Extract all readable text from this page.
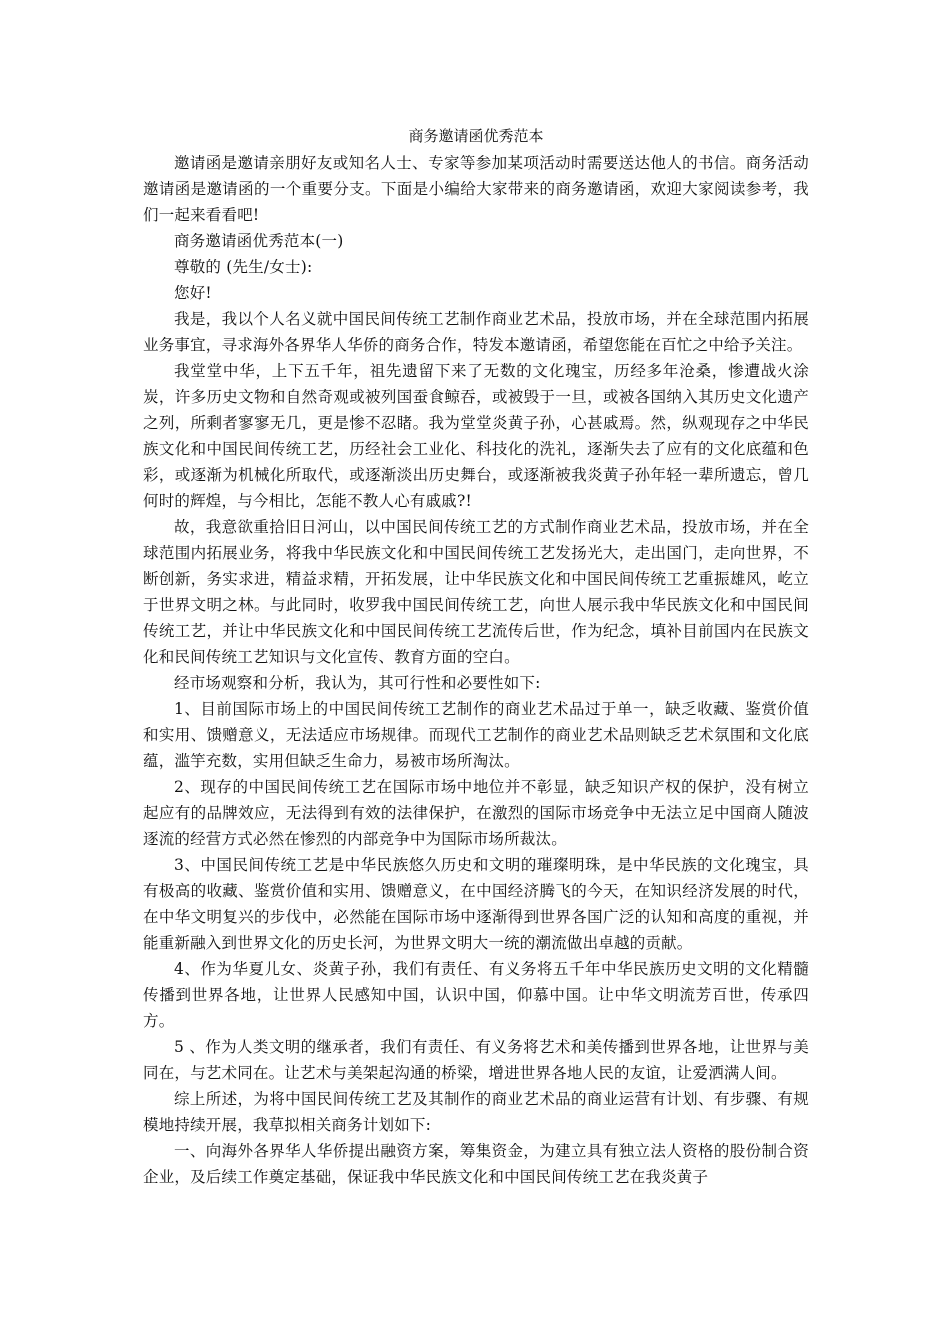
商务邀请函优秀范本

邀请函是邀请亲朋好友或知名人士、专家等参加某项活动时需要送达他人的书信。商务活动邀请函是邀请函的一个重要分支。下面是小编给大家带来的商务邀请函，欢迎大家阅读参考，我们一起来看看吧!

商务邀请函优秀范本(一)

尊敬的 (先生/女士):

您好!

我是，我以个人名义就中国民间传统工艺制作商业艺术品，投放市场，并在全球范围内拓展业务事宜，寻求海外各界华人华侨的商务合作，特发本邀请函，希望您能在百忙之中给予关注。

我堂堂中华，上下五千年，祖先遗留下来了无数的文化瑰宝，历经多年沧桑，惨遭战火涂炭，许多历史文物和自然奇观或被列国蚕食鲸吞，或被毁于一旦，或被各国纳入其历史文化遗产之列，所剩者寥寥无几，更是惨不忍睹。我为堂堂炎黄子孙，心甚戚焉。然，纵观现存之中华民族文化和中国民间传统工艺，历经社会工业化、科技化的洗礼，逐渐失去了应有的文化底蕴和色彩，或逐渐为机械化所取代，或逐渐淡出历史舞台，或逐渐被我炎黄子孙年轻一辈所遗忘，曾几何时的辉煌，与今相比，怎能不教人心有戚戚?!

故，我意欲重拾旧日河山，以中国民间传统工艺的方式制作商业艺术品，投放市场，并在全球范围内拓展业务，将我中华民族文化和中国民间传统工艺发扬光大，走出国门，走向世界，不断创新，务实求进，精益求精，开拓发展，让中华民族文化和中国民间传统工艺重振雄风，屹立于世界文明之林。与此同时，收罗我中国民间传统工艺，向世人展示我中华民族文化和中国民间传统工艺，并让中华民族文化和中国民间传统工艺流传后世，作为纪念，填补目前国内在民族文化和民间传统工艺知识与文化宣传、教育方面的空白。

经市场观察和分析，我认为，其可行性和必要性如下:

1、目前国际市场上的中国民间传统工艺制作的商业艺术品过于单一，缺乏收藏、鉴赏价值和实用、馈赠意义，无法适应市场规律。而现代工艺制作的商业艺术品则缺乏艺术氛围和文化底蕴，滥竽充数，实用但缺乏生命力，易被市场所淘汰。

2、现存的中国民间传统工艺在国际市场中地位并不彰显，缺乏知识产权的保护，没有树立起应有的品牌效应，无法得到有效的法律保护，在激烈的国际市场竞争中无法立足中国商人随波逐流的经营方式必然在惨烈的内部竞争中为国际市场所裁汰。

3、中国民间传统工艺是中华民族悠久历史和文明的璀璨明珠，是中华民族的文化瑰宝，具有极高的收藏、鉴赏价值和实用、馈赠意义，在中国经济腾飞的今天，在知识经济发展的时代，在中华文明复兴的步伐中，必然能在国际市场中逐渐得到世界各国广泛的认知和高度的重视，并能重新融入到世界文化的历史长河，为世界文明大一统的潮流做出卓越的贡献。

4、作为华夏儿女、炎黄子孙，我们有责任、有义务将五千年中华民族历史文明的文化精髓传播到世界各地，让世界人民感知中国，认识中国，仰慕中国。让中华文明流芳百世，传承四方。

5 、作为人类文明的继承者，我们有责任、有义务将艺术和美传播到世界各地，让世界与美同在，与艺术同在。让艺术与美架起沟通的桥梁，增进世界各地人民的友谊，让爱洒满人间。

综上所述，为将中国民间传统工艺及其制作的商业艺术品的商业运营有计划、有步骤、有规模地持续开展，我草拟相关商务计划如下:

一、向海外各界华人华侨提出融资方案，筹集资金，为建立具有独立法人资格的股份制合资企业，及后续工作奠定基础，保证我中华民族文化和中国民间传统工艺在我炎黄子
